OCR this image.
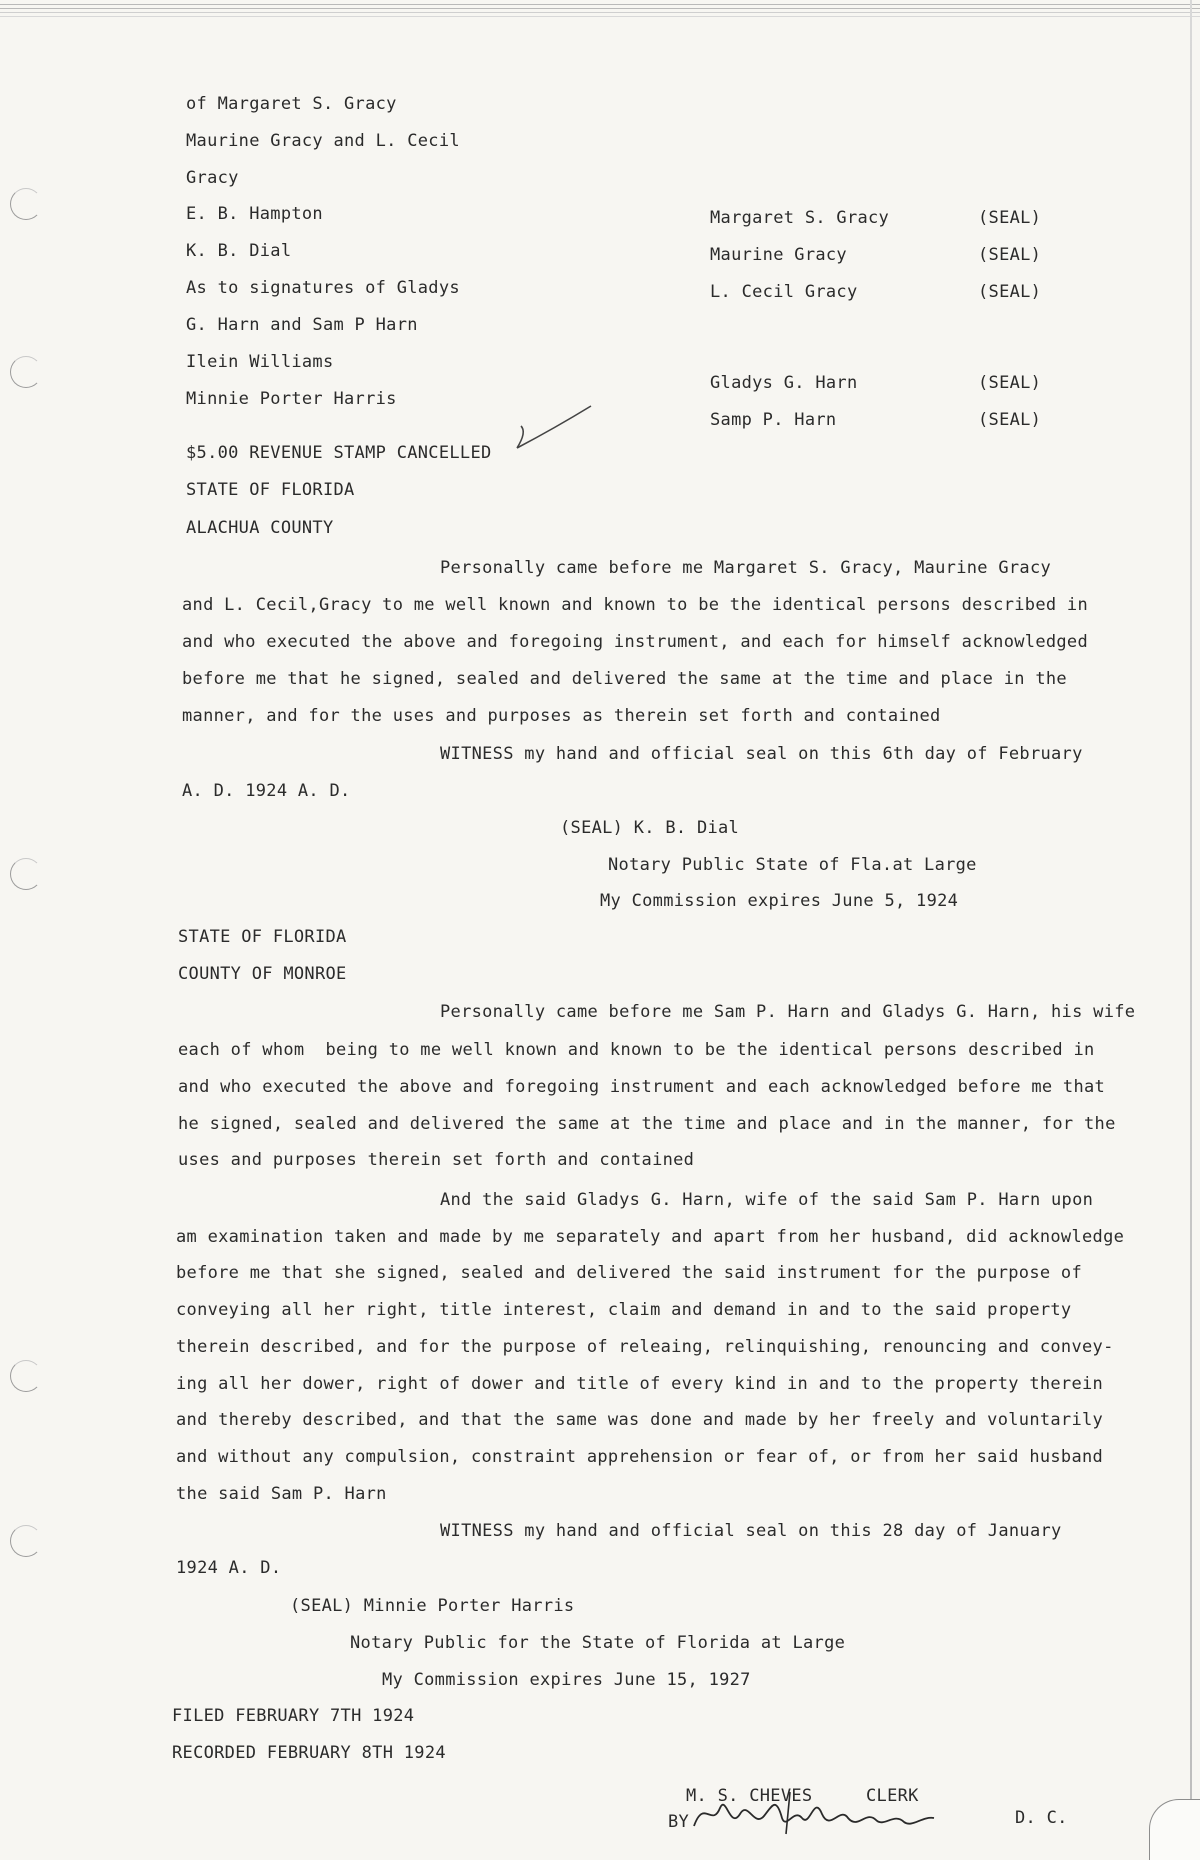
of Margaret S. Gracy
Maurine Gracy and L. Cecil
Gracy
E. B. Hampton
K. B. Dial
As to signatures of Gladys
G. Harn and Sam P Harn
Ilein Williams
Minnie Porter Harris
Margaret S. Gracy	(SEAL)
Maurine Gracy	(SEAL)
L. Cecil Gracy	(SEAL)
Gladys G. Harn	(SEAL)
Samp P. Harn	(SEAL)
$5.00 REVENUE STAMP CANCELLED
STATE OF FLORIDA
ALACHUA COUNTY
Personally came before me Margaret S. Gracy, Maurine Gracy
and L. Cecil,Gracy to me well known and known to be the identical persons described in
and who executed the above and foregoing instrument, and each for himself acknowledged
before me that he signed, sealed and delivered the same at the time and place in the
manner, and for the uses and purposes as therein set forth and contained
WITNESS my hand and official seal on this 6th day of February
A. D. 1924 A. D.
(SEAL) K. B. Dial
Notary Public State of Fla.at Large
My Commission expires June 5, 1924
STATE OF FLORIDA
COUNTY OF MONROE
Personally came before me Sam P. Harn and Gladys G. Harn, his wife
each of whom  being to me well known and known to be the identical persons described in
and who executed the above and foregoing instrument and each acknowledged before me that
he signed, sealed and delivered the same at the time and place and in the manner, for the
uses and purposes therein set forth and contained
And the said Gladys G. Harn, wife of the said Sam P. Harn upon
am examination taken and made by me separately and apart from her husband, did acknowledge
before me that she signed, sealed and delivered the said instrument for the purpose of
conveying all her right, title interest, claim and demand in and to the said property
therein described, and for the purpose of releaing, relinquishing, renouncing and convey-
ing all her dower, right of dower and title of every kind in and to the property therein
and thereby described, and that the same was done and made by her freely and voluntarily
and without any compulsion, constraint apprehension or fear of, or from her said husband
the said Sam P. Harn
WITNESS my hand and official seal on this 28 day of January
1924 A. D.
(SEAL) Minnie Porter Harris
Notary Public for the State of Florida at Large
My Commission expires June 15, 1927
FILED FEBRUARY 7TH 1924
RECORDED FEBRUARY 8TH 1924
M. S. CHEVES	CLERK
BY	D. C.
